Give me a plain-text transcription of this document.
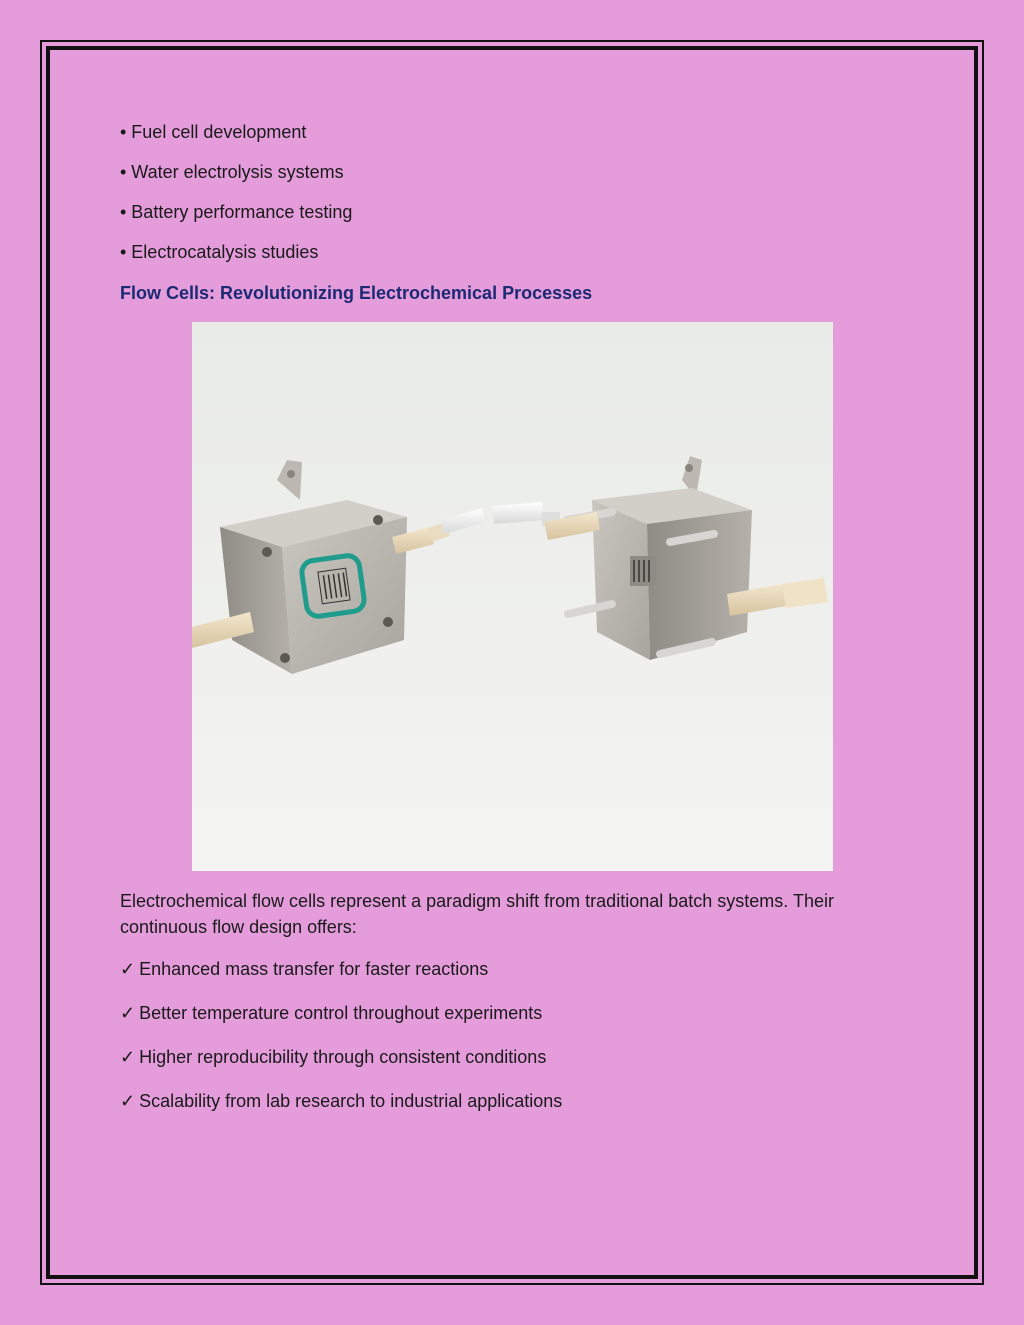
• Fuel cell development
• Water electrolysis systems
• Battery performance testing
• Electrocatalysis studies
Flow Cells: Revolutionizing Electrochemical Processes
Electrochemical flow cells represent a paradigm shift from traditional batch systems. Their continuous flow design offers:
✓ Enhanced mass transfer for faster reactions
✓ Better temperature control throughout experiments
✓ Higher reproducibility through consistent conditions
✓ Scalability from lab research to industrial applications
